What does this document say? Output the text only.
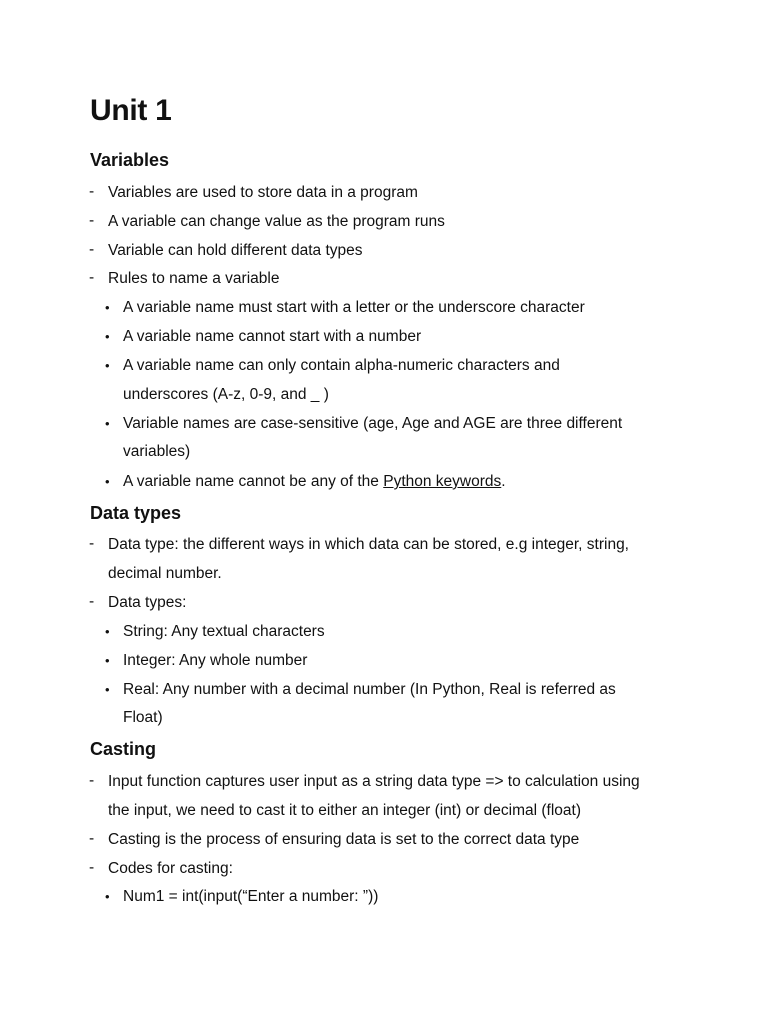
Unit 1
Variables
- Variables are used to store data in a program
- A variable can change value as the program runs
- Variable can hold different data types
- Rules to name a variable
• A variable name must start with a letter or the underscore character
• A variable name cannot start with a number
• A variable name can only contain alpha-numeric characters and
underscores (A-z, 0-9, and _ )
• Variable names are case-sensitive (age, Age and AGE are three different
variables)
• A variable name cannot be any of the Python keywords.
Data types
- Data type: the different ways in which data can be stored, e.g integer, string,
decimal number.
- Data types:
• String: Any textual characters
• Integer: Any whole number
• Real: Any number with a decimal number (In Python, Real is referred as
Float)
Casting
- Input function captures user input as a string data type => to calculation using
the input, we need to cast it to either an integer (int) or decimal (float)
- Casting is the process of ensuring data is set to the correct data type
- Codes for casting:
• Num1 = int(input(“Enter a number: ”))
